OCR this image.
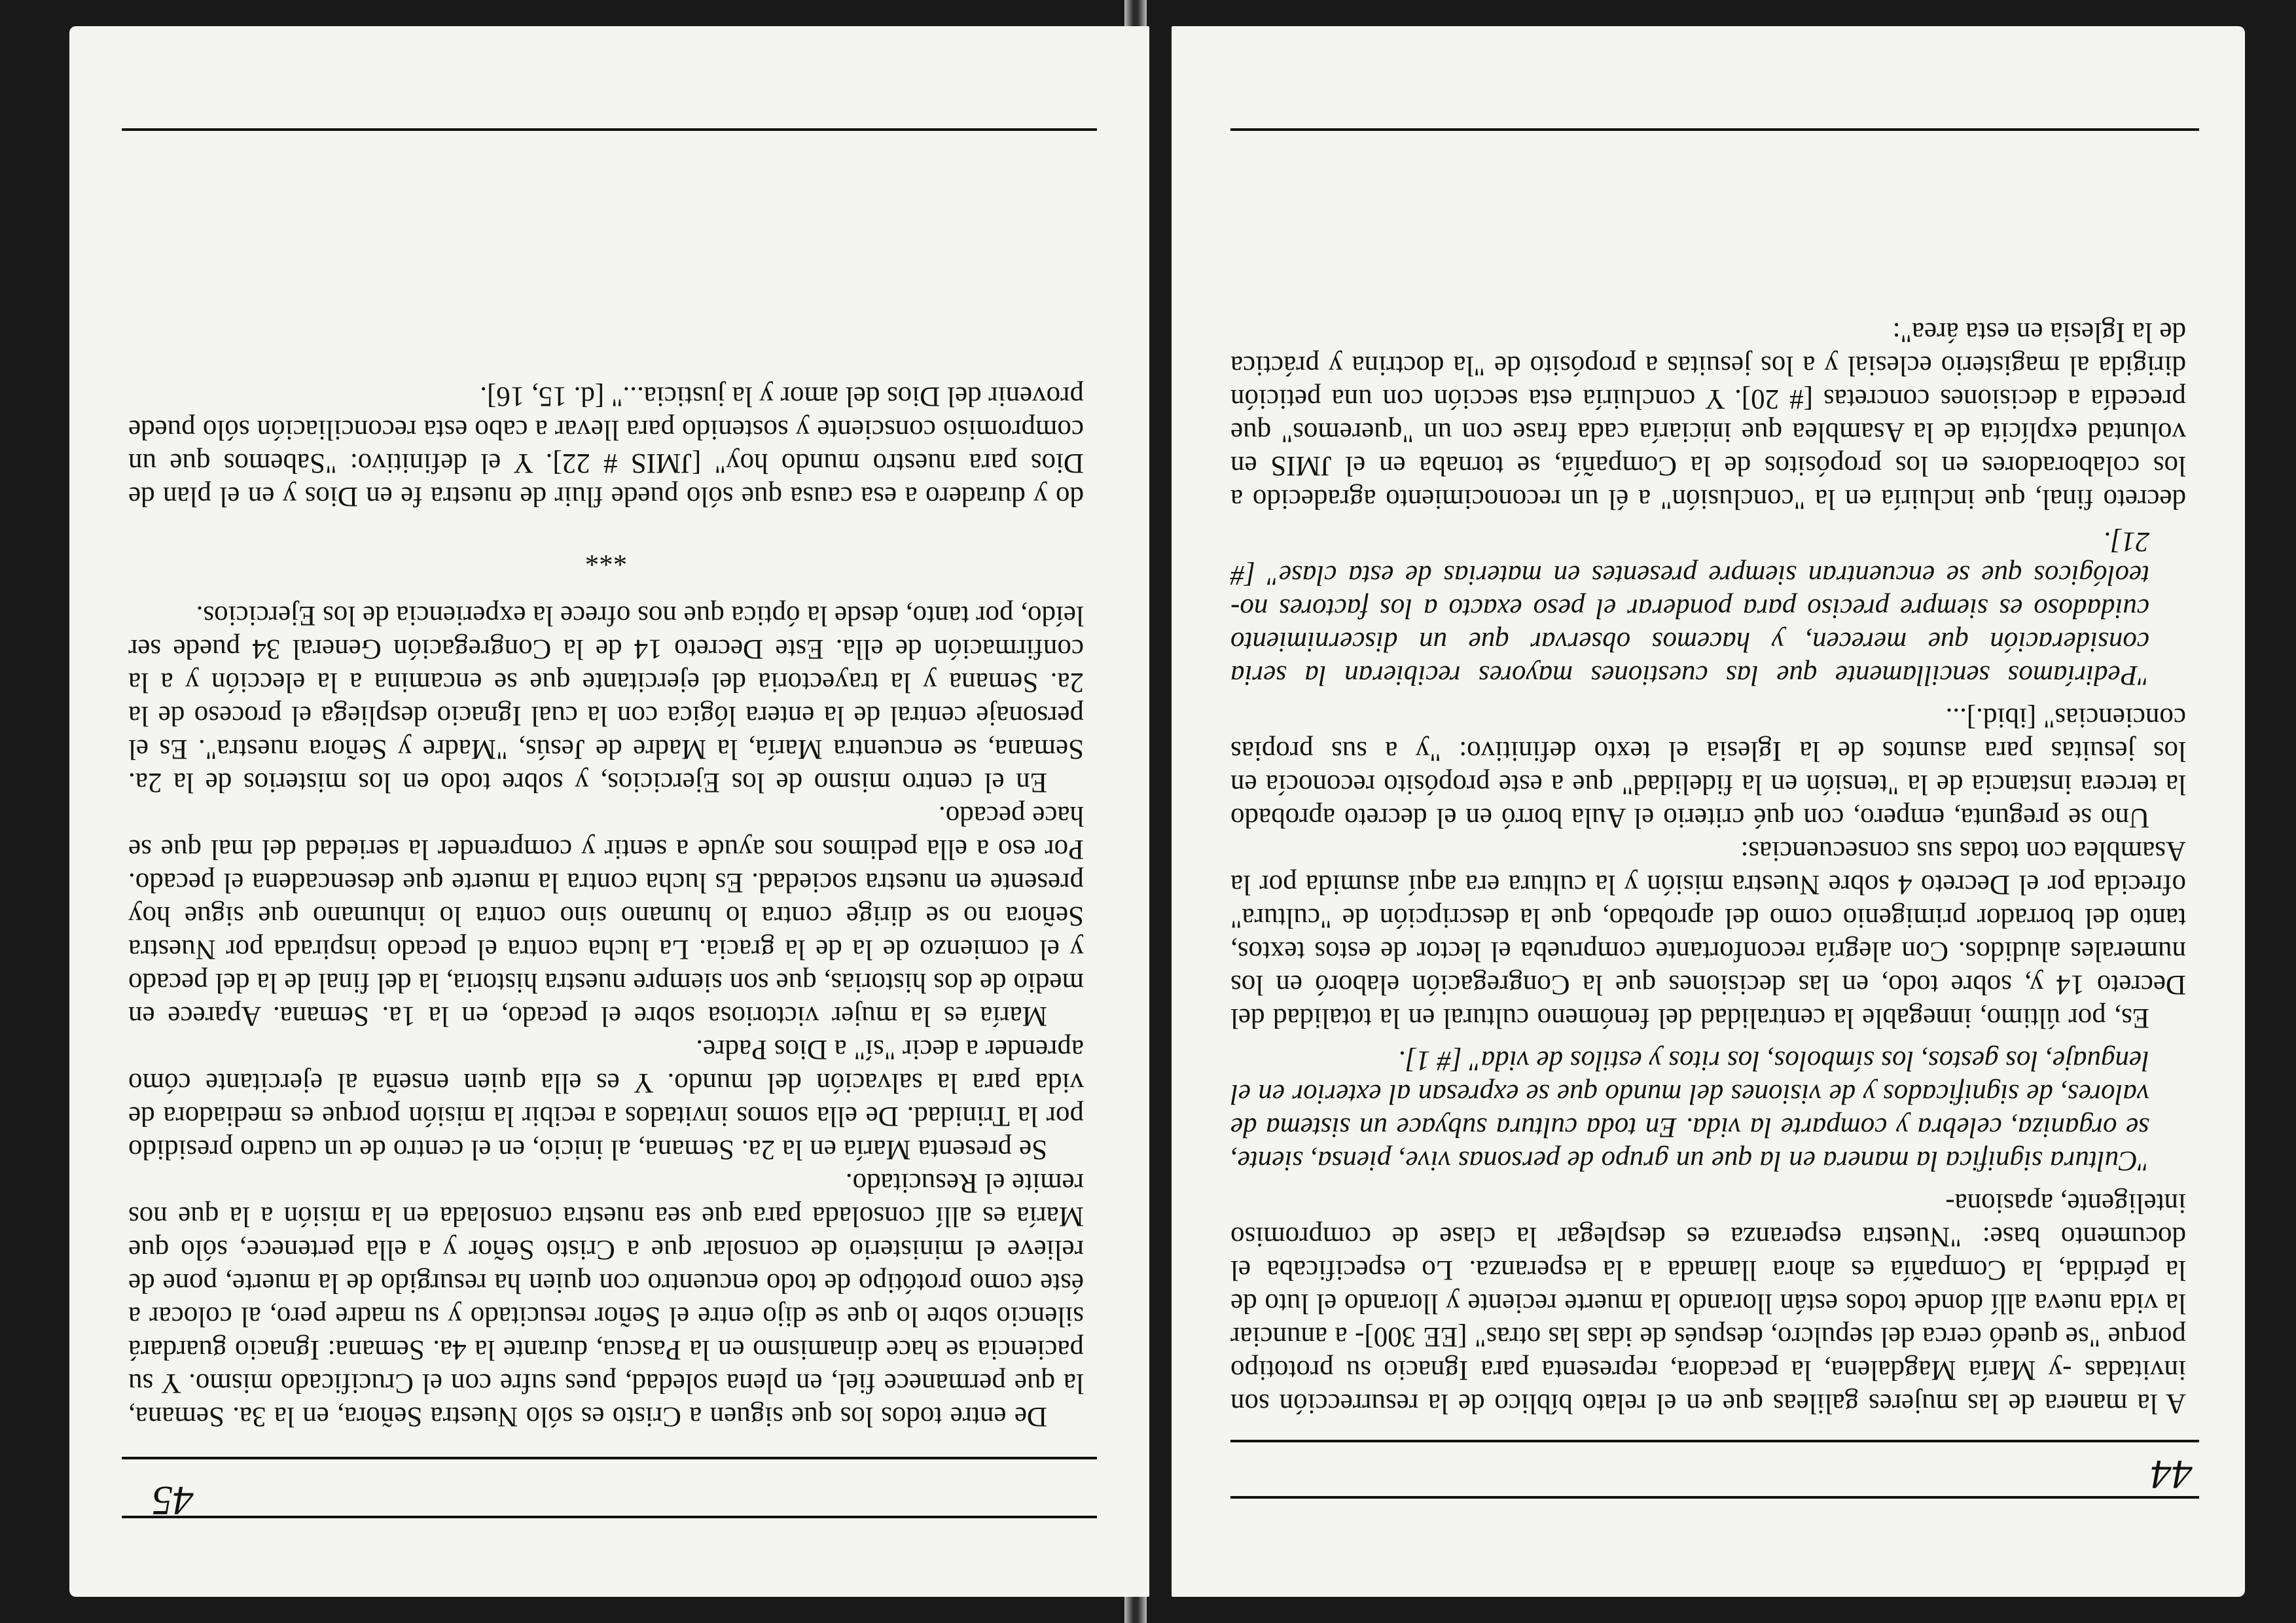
44

A la manera de las mujeres galileas que en el relato bíblico de la resurrección son invitadas -y María Magdalena, la pecadora, representa para Ignacio su prototipo porque "se quedó cerca del sepulcro, después de idas las otras" [EE 300]- a anunciar la vida nueva allí donde todos están llorando la muerte reciente y llorando el luto de la pérdida, la Compañía es ahora llamada a la esperanza. Lo especificaba el documento base: "Nuestra esperanza es desplegar la clase de compromiso inteligente, apasiona-

"Cultura significa la manera en la que un grupo de personas vive, piensa, siente, se organiza, celebra y comparte la vida. En toda cultura subyace un sistema de valores, de significados y de visiones del mundo que se expresan al exterior en el lenguaje, los gestos, los símbolos, los ritos y estilos de vida" [# 1].

Es, por último, innegable la centralidad del fenómeno cultural en la totalidad del Decreto 14 y, sobre todo, en las decisiones que la Congregación elaboró en los numerales aludidos. Con alegría reconfortante comprueba el lector de estos textos, tanto del borrador primigenio como del aprobado, que la descripción de "cultura" ofrecida por el Decreto 4 sobre Nuestra misión y la cultura era aquí asumida por la Asamblea con todas sus consecuencias:

Uno se pregunta, empero, con qué criterio el Aula borró en el decreto aprobado la tercera instancia de la "tensión en la fidelidad" que a este propósito reconocía en los jesuitas para asuntos de la Iglesia el texto definitivo: "y a sus propias conciencias" [ibid.]...

"Pediríamos sencillamente que las cuestiones mayores recibieran la seria consideración que merecen, y hacemos observar que un discernimiento cuidadoso es siempre preciso para ponderar el peso exacto a los factores no-teológicos que se encuentran siempre presentes en materias de esta clase" [# 21].

decreto final, que incluiría en la "conclusión" a él un reconocimiento agradecido a los colaboradores en los propósitos de la Compañía, se tornaba en el JMIS en voluntad explícita de la Asamblea que iniciaría cada frase con un "queremos" que precedía a decisiones concretas [# 20]. Y concluiría esta sección con una petición dirigida al magisterio eclesial y a los jesuitas a propósito de "la doctrina y práctica de la Iglesia en esta área":

45

De entre todos los que siguen a Cristo es sólo Nuestra Señora, en la 3a. Semana, la que permanece fiel, en plena soledad, pues sufre con el Crucificado mismo. Y su paciencia se hace dinamismo en la Pascua, durante la 4a. Semana: Ignacio guardará silencio sobre lo que se dijo entre el Señor resucitado y su madre pero, al colocar a éste como protótipo de todo encuentro con quien ha resurgido de la muerte, pone de relieve el ministerio de consolar que a Cristo Señor y a ella pertenece, sólo que María es allí consolada para que sea nuestra consolada en la misión a la que nos remite el Resucitado.

Se presenta María en la 2a. Semana, al inicio, en el centro de un cuadro presidido por la Trinidad. De ella somos invitados a recibir la misión porque es mediadora de vida para la salvación del mundo. Y es ella quien enseña al ejercitante cómo aprender a decir "sí" a Dios Padre.

María es la mujer victoriosa sobre el pecado, en la 1a. Semana. Aparece en medio de dos historias, que son siempre nuestra historia, la del final de la del pecado y el comienzo de la de la gracia. La lucha contra el pecado inspirada por Nuestra Señora no se dirige contra lo humano sino contra lo inhumano que sigue hoy presente en nuestra sociedad. Es lucha contra la muerte que desencadena el pecado. Por eso a ella pedimos nos ayude a sentir y comprender la seriedad del mal que se hace pecado.

En el centro mismo de los Ejercicios, y sobre todo en los misterios de la 2a. Semana, se encuentra María, la Madre de Jesús, "Madre y Señora nuestra". Es el personaje central de la entera lógica con la cual Ignacio despliega el proceso de la 2a. Semana y la trayectoria del ejercitante que se encamina a la elección y a la confirmación de ella. Este Decreto 14 de la Congregación General 34 puede ser leído, por tanto, desde la óptica que nos ofrece la experiencia de los Ejercicios.

***

do y duradero a esa causa que sólo puede fluir de nuestra fe en Dios y en el plan de Dios para nuestro mundo hoy" [JMIS # 22]. Y el definitivo: "Sabemos que un compromiso consciente y sostenido para llevar a cabo esta reconciliación sólo puede provenir del Dios del amor y la justicia..." [d. 15, 16].
